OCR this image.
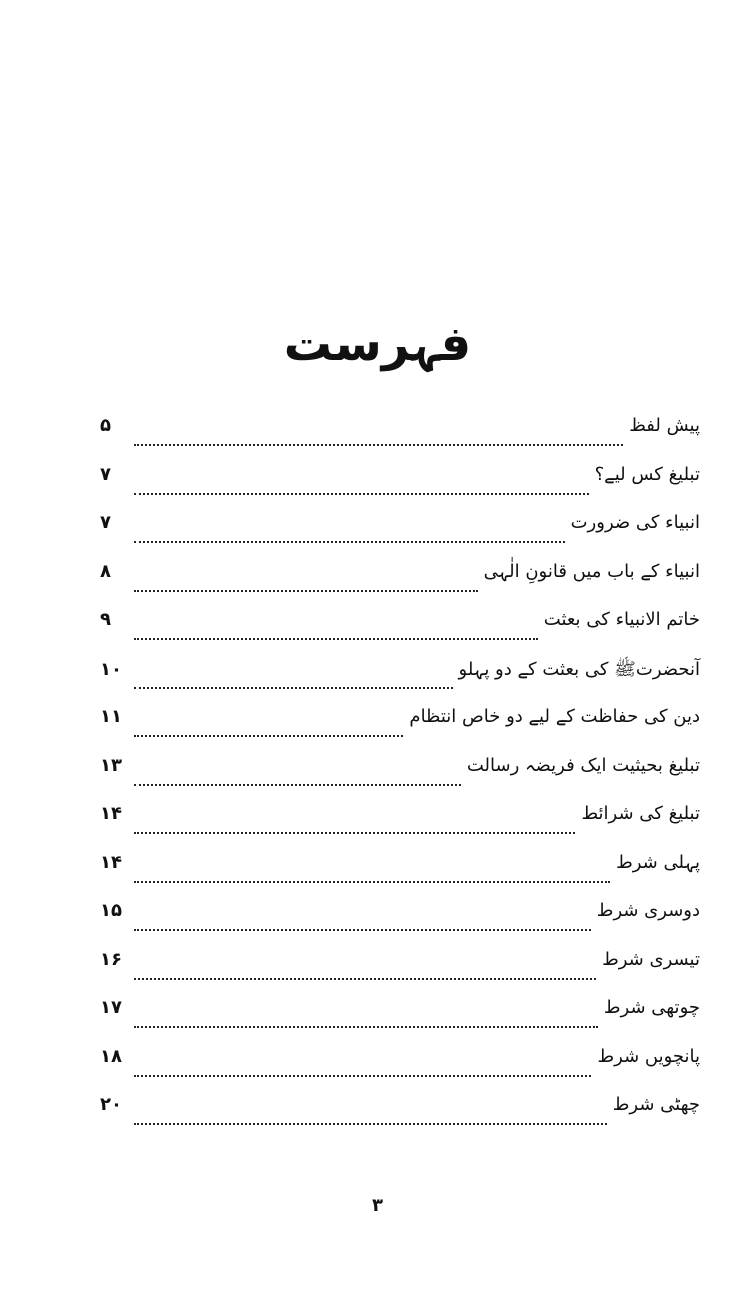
فہرست
پیش لفظ
۵
تبلیغ کس لیے؟
۷
انبیاء کی ضرورت
۷
انبیاء کے باب میں قانونِ الٰہی
۸
خاتم الانبیاء کی بعثت
۹
آنحضرتﷺ کی بعثت کے دو پہلو
۱۰
دین کی حفاظت کے لیے دو خاص انتظام
۱۱
تبلیغ بحیثیت ایک فریضہ رسالت
۱۳
تبلیغ کی شرائط
۱۴
پہلی شرط
۱۴
دوسری شرط
۱۵
تیسری شرط
۱۶
چوتھی شرط
۱۷
پانچویں شرط
۱۸
چھٹی شرط
۲۰
۳
